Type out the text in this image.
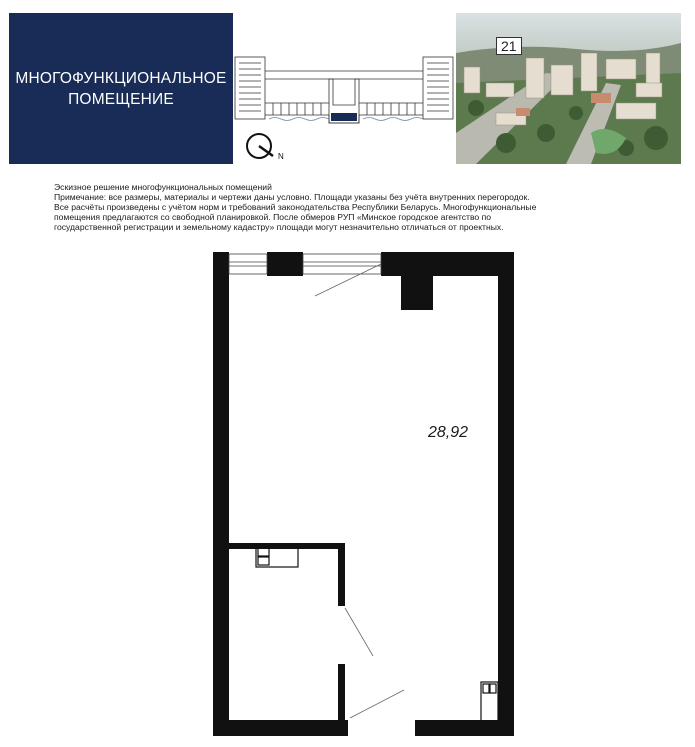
МНОГОФУНКЦИОНАЛЬНОЕ
ПОМЕЩЕНИЕ
N
21

Эскизное решение многофункциональных помещений

Примечание: все размеры, материалы и чертежи даны условно. Площади указаны без учёта внутренних перегородок.

Все расчёты произведены с учётом норм и требований законодательства Республики Беларусь. Многофункциональные

помещения предлагаются со свободной планировкой. После обмеров РУП «Минское городское агентство по

государственной регистрации и земельному кадастру» площади могут незначительно отличаться от проектных.

28,92
